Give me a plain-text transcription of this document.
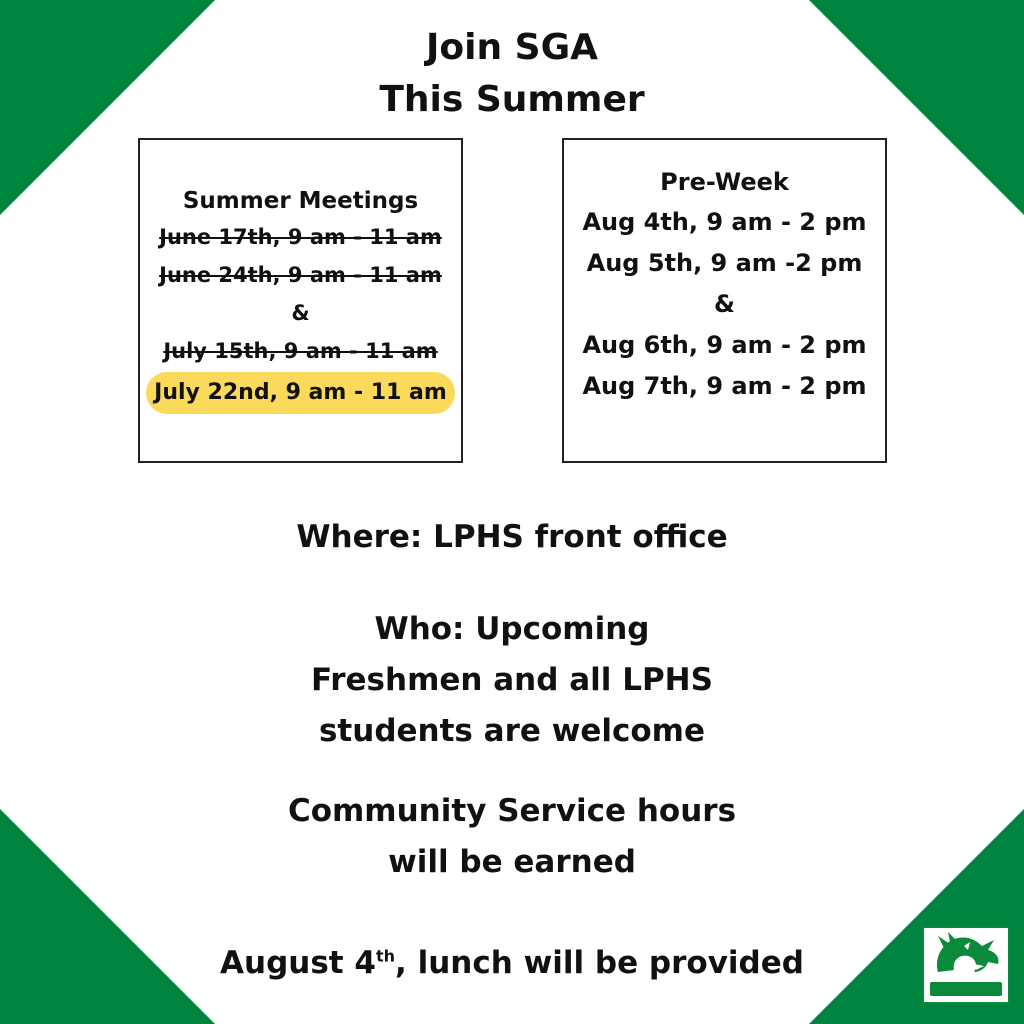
Join SGA
This Summer
Summer Meetings
June 17th, 9 am - 11 am
June 24th, 9 am - 11 am
&
July 15th, 9 am - 11 am
July 22nd, 9 am - 11 am
Pre-Week
Aug 4th, 9 am - 2 pm
Aug 5th, 9 am -2 pm
&
Aug 6th, 9 am - 2 pm
Aug 7th, 9 am - 2 pm
Where: LPHS front office
Who: Upcoming
Freshmen and all LPHS
students are welcome
Community Service hours
will be earned
August 4th, lunch will be provided
